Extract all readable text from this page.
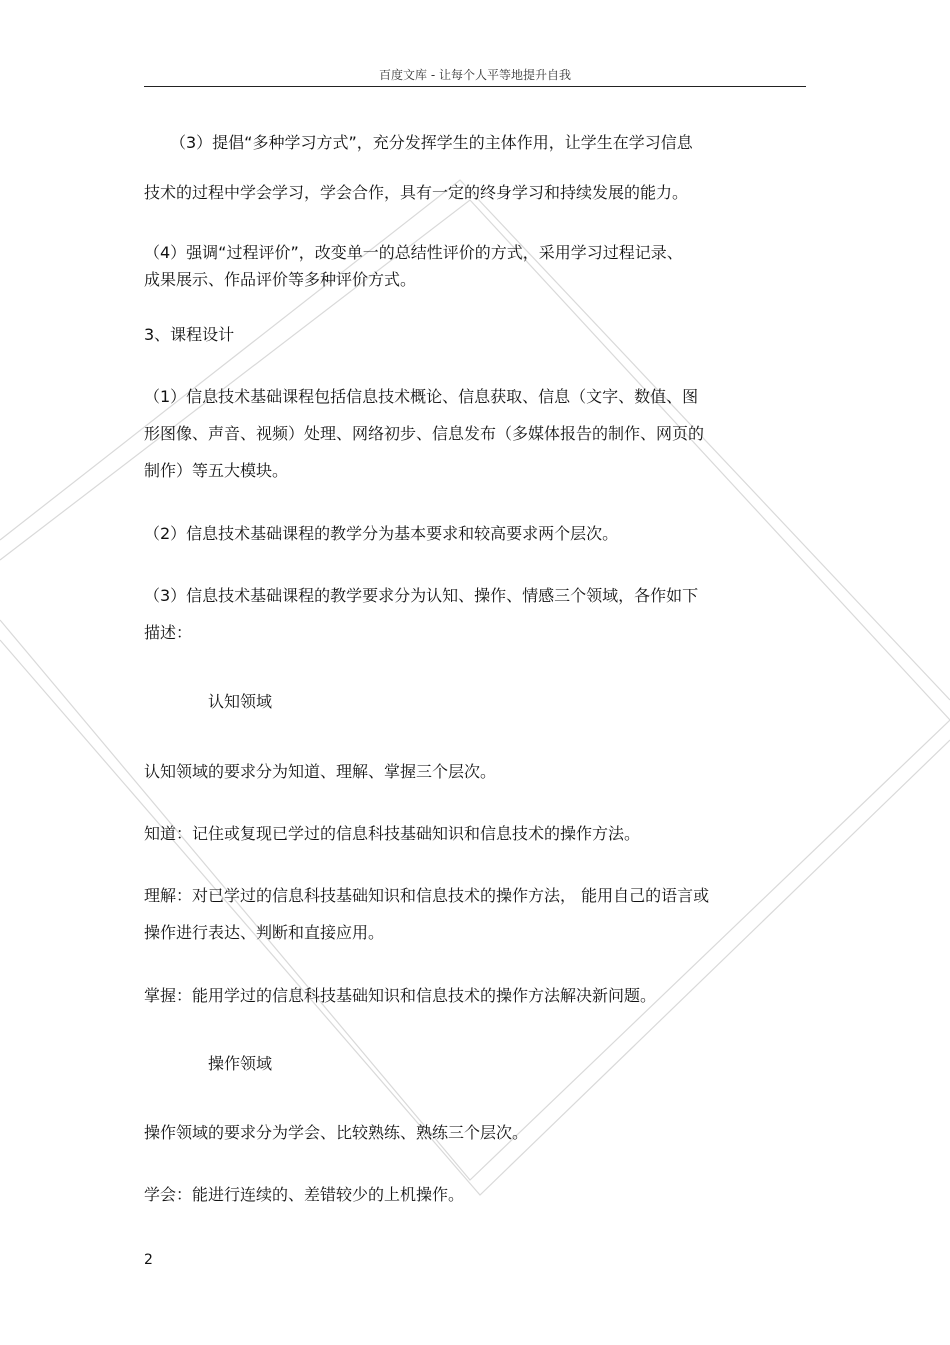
百度文库 - 让每个人平等地提升自我
（3）提倡“多种学习方式”，充分发挥学生的主体作用，让学生在学习信息
技术的过程中学会学习，学会合作，具有一定的终身学习和持续发展的能力。
（4）强调“过程评价”，改变单一的总结性评价的方式，采用学习过程记录、
成果展示、作品评价等多种评价方式。
3、课程设计
（1）信息技术基础课程包括信息技术概论、信息获取、信息（文字、数值、图
形图像、声音、视频）处理、网络初步、信息发布（多媒体报告的制作、网页的
制作）等五大模块。
（2）信息技术基础课程的教学分为基本要求和较高要求两个层次。
（3）信息技术基础课程的教学要求分为认知、操作、情感三个领域，各作如下
描述：
认知领域
认知领域的要求分为知道、理解、掌握三个层次。
知道：记住或复现已学过的信息科技基础知识和信息技术的操作方法。
理解：对已学过的信息科技基础知识和信息技术的操作方法， 能用自己的语言或
操作进行表达、判断和直接应用。
掌握：能用学过的信息科技基础知识和信息技术的操作方法解决新问题。
操作领域
操作领域的要求分为学会、比较熟练、熟练三个层次。
学会：能进行连续的、差错较少的上机操作。
2
